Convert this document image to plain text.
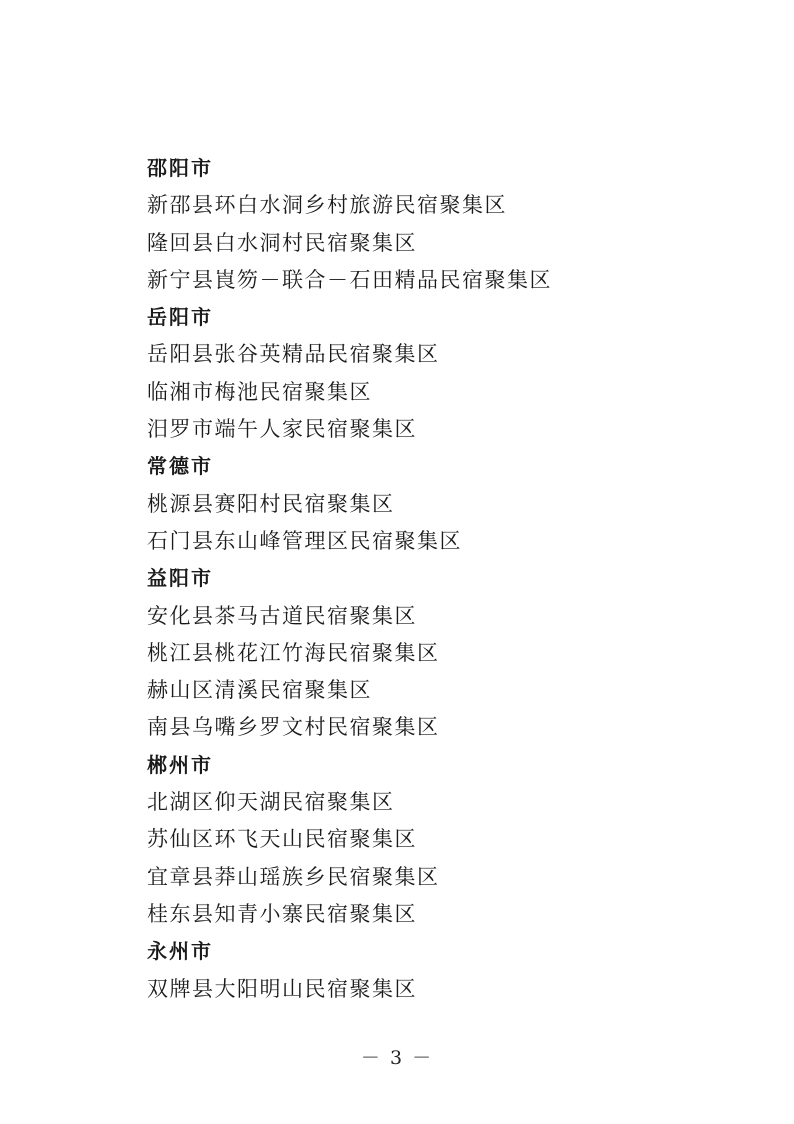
邵阳市
新邵县环白水洞乡村旅游民宿聚集区
隆回县白水洞村民宿聚集区
新宁县崀笏－联合－石田精品民宿聚集区
岳阳市
岳阳县张谷英精品民宿聚集区
临湘市梅池民宿聚集区
汨罗市端午人家民宿聚集区
常德市
桃源县赛阳村民宿聚集区
石门县东山峰管理区民宿聚集区
益阳市
安化县茶马古道民宿聚集区
桃江县桃花江竹海民宿聚集区
赫山区清溪民宿聚集区
南县乌嘴乡罗文村民宿聚集区
郴州市
北湖区仰天湖民宿聚集区
苏仙区环飞天山民宿聚集区
宜章县莽山瑶族乡民宿聚集区
桂东县知青小寨民宿聚集区
永州市
双牌县大阳明山民宿聚集区
－ 3 －
